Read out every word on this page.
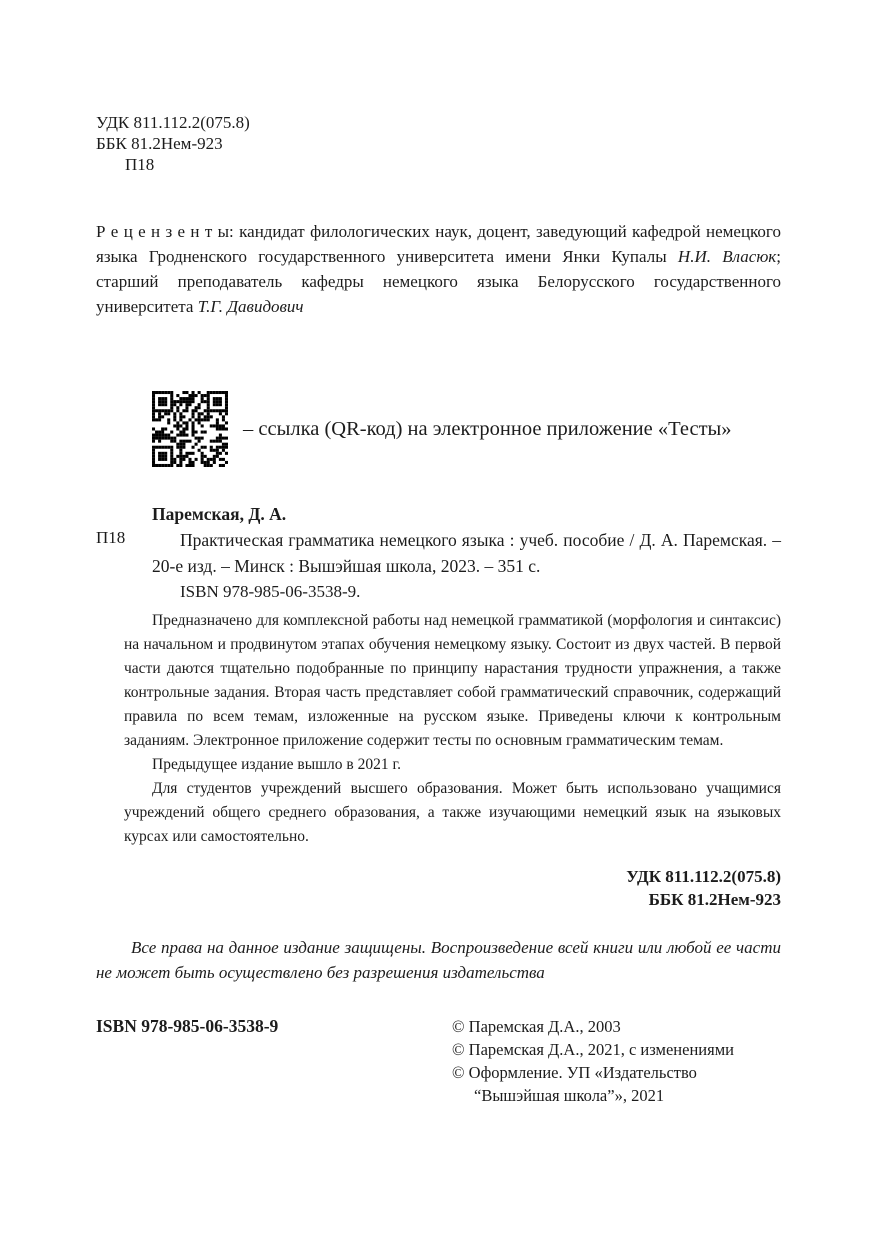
УДК 811.112.2(075.8)
ББК 81.2Нем-923
П18

Р е ц е н з е н т ы: кандидат филологических наук, доцент, заведующий кафедрой немецкого языка Гродненского государственного университета имени Янки Купалы Н.И. Власюк; старший преподаватель кафедры немецкого языка Белорусского государственного университета Т.Г. Давидович

– ссылка (QR-код) на электронное приложение «Тесты»
П18

Паремская, Д. А.

Практическая грамматика немецкого языка : учеб. пособие / Д. А. Паремская. – 20-е изд. – Минск : Вышэйшая школа, 2023. – 351 с.

ISBN 978-985-06-3538-9.

Предназначено для комплексной работы над немецкой грамматикой (морфология и синтаксис) на начальном и продвинутом этапах обучения немецкому языку. Состоит из двух частей. В первой части даются тщательно подобранные по принципу нарастания трудности упражнения, а также контрольные задания. Вторая часть представляет собой грамматический справочник, содержащий правила по всем темам, изложенные на русском языке. Приведены ключи к контрольным заданиям. Электронное приложение содержит тесты по основным грамматическим темам.

Предыдущее издание вышло в 2021 г.

Для студентов учреждений высшего образования. Может быть использовано учащимися учреждений общего среднего образования, а также изучающими немецкий язык на языковых курсах или самостоятельно.

УДК 811.112.2(075.8)
ББК 81.2Нем-923

Все права на данное издание защищены. Воспроизведение всей книги или любой ее части не может быть осуществлено без разрешения издательства

ISBN 978-985-06-3538-9	© Паремская Д.А., 2003
© Паремская Д.А., 2021, с изменениями
© Оформление. УП «Издательство
“Вышэйшая школа”», 2021
